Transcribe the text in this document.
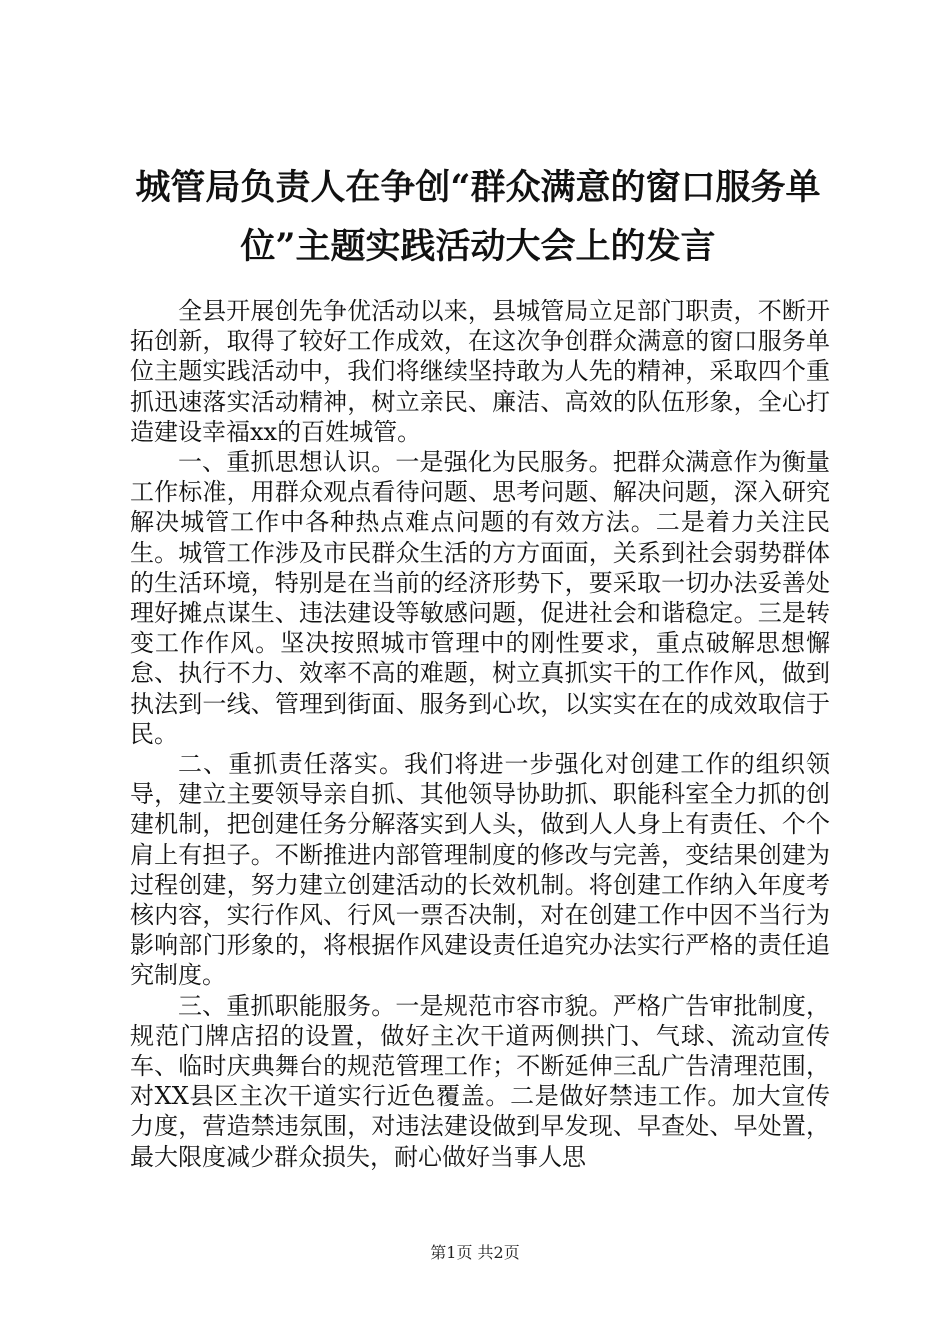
城管局负责人在争创“群众满意的窗口服务单位”主题实践活动大会上的发言

全县开展创先争优活动以来，县城管局立足部门职责，不断开拓创新，取得了较好工作成效，在这次争创群众满意的窗口服务单位主题实践活动中，我们将继续坚持敢为人先的精神，采取四个重抓迅速落实活动精神，树立亲民、廉洁、高效的队伍形象，全心打造建设幸福xx的百姓城管。

一、重抓思想认识。一是强化为民服务。把群众满意作为衡量工作标准，用群众观点看待问题、思考问题、解决问题，深入研究解决城管工作中各种热点难点问题的有效方法。二是着力关注民生。城管工作涉及市民群众生活的方方面面，关系到社会弱势群体的生活环境，特别是在当前的经济形势下，要采取一切办法妥善处理好摊点谋生、违法建设等敏感问题，促进社会和谐稳定。三是转变工作作风。坚决按照城市管理中的刚性要求，重点破解思想懈怠、执行不力、效率不高的难题，树立真抓实干的工作作风，做到执法到一线、管理到街面、服务到心坎，以实实在在的成效取信于民。

二、重抓责任落实。我们将进一步强化对创建工作的组织领导，建立主要领导亲自抓、其他领导协助抓、职能科室全力抓的创建机制，把创建任务分解落实到人头，做到人人身上有责任、个个肩上有担子。不断推进内部管理制度的修改与完善，变结果创建为过程创建，努力建立创建活动的长效机制。将创建工作纳入年度考核内容，实行作风、行风一票否决制，对在创建工作中因不当行为影响部门形象的，将根据作风建设责任追究办法实行严格的责任追究制度。

三、重抓职能服务。一是规范市容市貌。严格广告审批制度，规范门牌店招的设置，做好主次干道两侧拱门、气球、流动宣传车、临时庆典舞台的规范管理工作；不断延伸三乱广告清理范围，对XX县区主次干道实行近色覆盖。二是做好禁违工作。加大宣传力度，营造禁违氛围，对违法建设做到早发现、早查处、早处置，最大限度减少群众损失，耐心做好当事人思

第1页 共2页
